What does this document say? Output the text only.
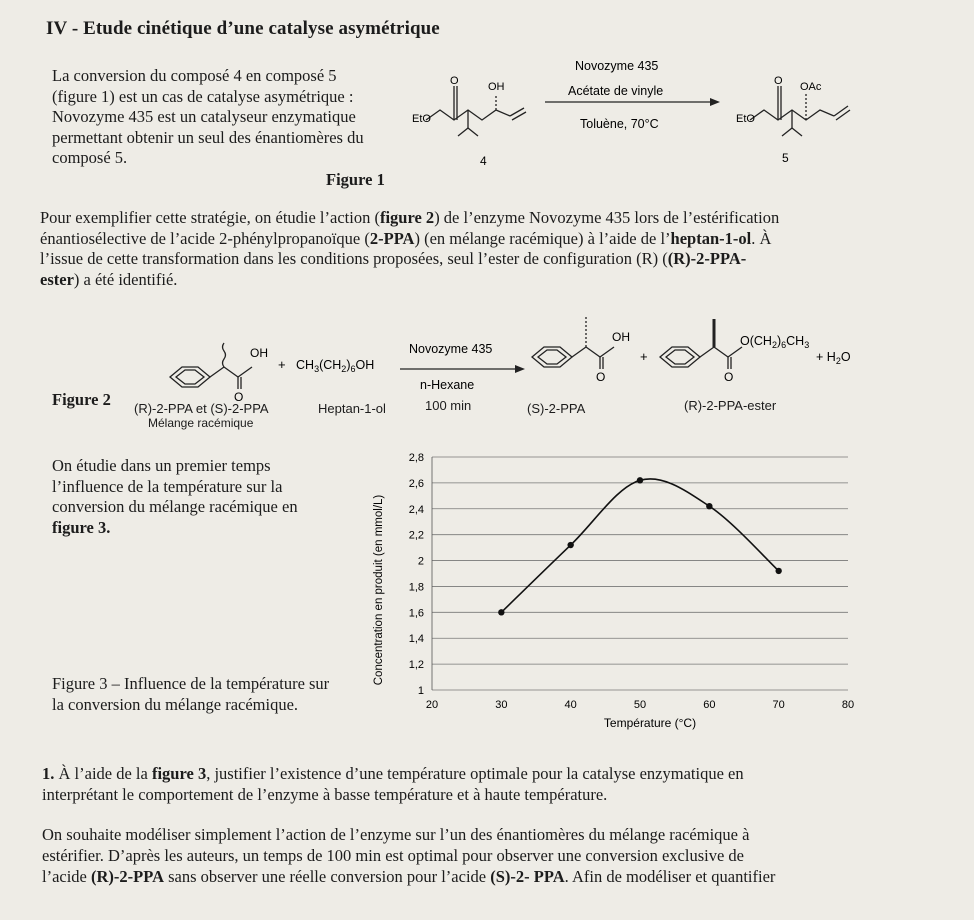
IV - Etude cinétique d’une catalyse asymétrique
La conversion du composé 4 en composé 5
(figure 1) est un cas de catalyse asymétrique :
Novozyme 435 est un catalyseur enzymatique
permettant obtenir un seul des énantiomères du
composé 5.
EtO
O	OH
4
Novozyme 435
Acétate de vinyle
Toluène, 70°C	EtO
O OAc
5
Figure 1
Pour exemplifier cette stratégie, on étudie l’action (figure 2) de l’enzyme Novozyme 435 lors de l’estérification
énantiosélective de l’acide 2-phénylpropanoïque (2-PPA) (en mélange racémique) à l’aide de l’heptan-1-ol. À
l’issue de cette transformation dans les conditions proposées, seul l’ester de configuration (R) ((R)-2-PPA-
ester) a été identifié.
Figure 2
OH
O
+ $CH_3(CH_2)_6OH$
Novozyme 435
n-Hexane
OH
O
+
O
$O(CH_2)_6CH_3$
+ $H_2O$
(R)-2-PPA et (S)-2-PPA
Mélange racémique
Heptan-1-ol	100 min	(S)-2-PPA	(R)-2-PPA-ester
On étudie dans un premier temps
l’influence de la température sur la
conversion du mélange racémique en
figure 3.	Concentration en produit (en mmol/L)
Température (°C)
1
1,2
1,4
1,6
1,8
2
2,2
2,4
2,6
2,8
20	30	40	50	60	70	80
Figure 3 – Influence de la température sur
la conversion du mélange racémique.
1. À l’aide de la figure 3, justifier l’existence d’une température optimale pour la catalyse enzymatique en
interprétant le comportement de l’enzyme à basse température et à haute température.
On souhaite modéliser simplement l’action de l’enzyme sur l’un des énantiomères du mélange racémique à
estérifier. D’après les auteurs, un temps de 100 min est optimal pour observer une conversion exclusive de
l’acide (R)-2-PPA sans observer une réelle conversion pour l’acide (S)-2- PPA. Afin de modéliser et quantifier
